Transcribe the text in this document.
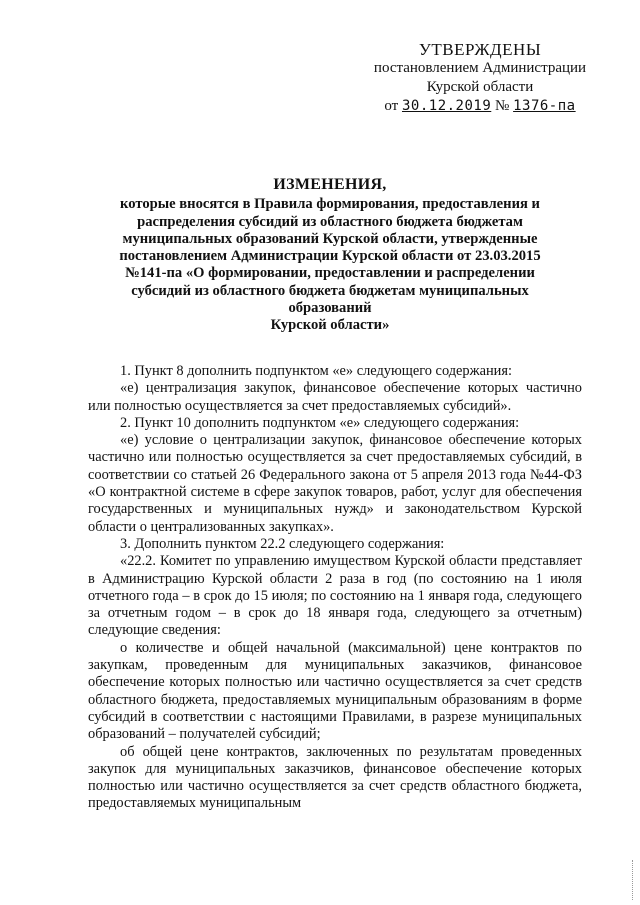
УТВЕРЖДЕНЫ
постановлением Администрации
Курской области
от 30.12.2019 № 1376-па
ИЗМЕНЕНИЯ,
которые вносятся в Правила формирования, предоставления и распределения субсидий из областного бюджета бюджетам муниципальных образований Курской области, утвержденные постановлением Администрации Курской области от 23.03.2015 №141-па «О формировании, предоставлении и распределении субсидий из областного бюджета бюджетам муниципальных образований
Курской области»

1. Пункт 8 дополнить подпунктом «е» следующего содержания:

«е) централизация закупок, финансовое обеспечение которых частично или полностью осуществляется за счет предоставляемых субсидий».

2. Пункт 10 дополнить подпунктом «е» следующего содержания:

«е) условие о централизации закупок, финансовое обеспечение которых частично или полностью осуществляется за счет предоставляемых субсидий, в соответствии со статьей 26 Федерального закона от 5 апреля 2013 года №44-ФЗ «О контрактной системе в сфере закупок товаров, работ, услуг для обеспечения государственных и муниципальных нужд» и законодательством Курской области о централизованных закупках».

3. Дополнить пунктом 22.2 следующего содержания:

«22.2. Комитет по управлению имуществом Курской области представляет в Администрацию Курской области 2 раза в год (по состоянию на 1 июля отчетного года – в срок до 15 июля; по состоянию на 1 января года, следующего за отчетным годом – в срок до 18 января года, следующего за отчетным) следующие сведения:

о количестве и общей начальной (максимальной) цене контрактов по закупкам, проведенным для муниципальных заказчиков, финансовое обеспечение которых полностью или частично осуществляется за счет средств областного бюджета, предоставляемых муниципальным образованиям в форме субсидий в соответствии с настоящими Правилами, в разрезе муниципальных образований – получателей субсидий;

об общей цене контрактов, заключенных по результатам проведенных закупок для муниципальных заказчиков, финансовое обеспечение которых полностью или частично осуществляется за счет средств областного бюджета, предоставляемых муниципальным
